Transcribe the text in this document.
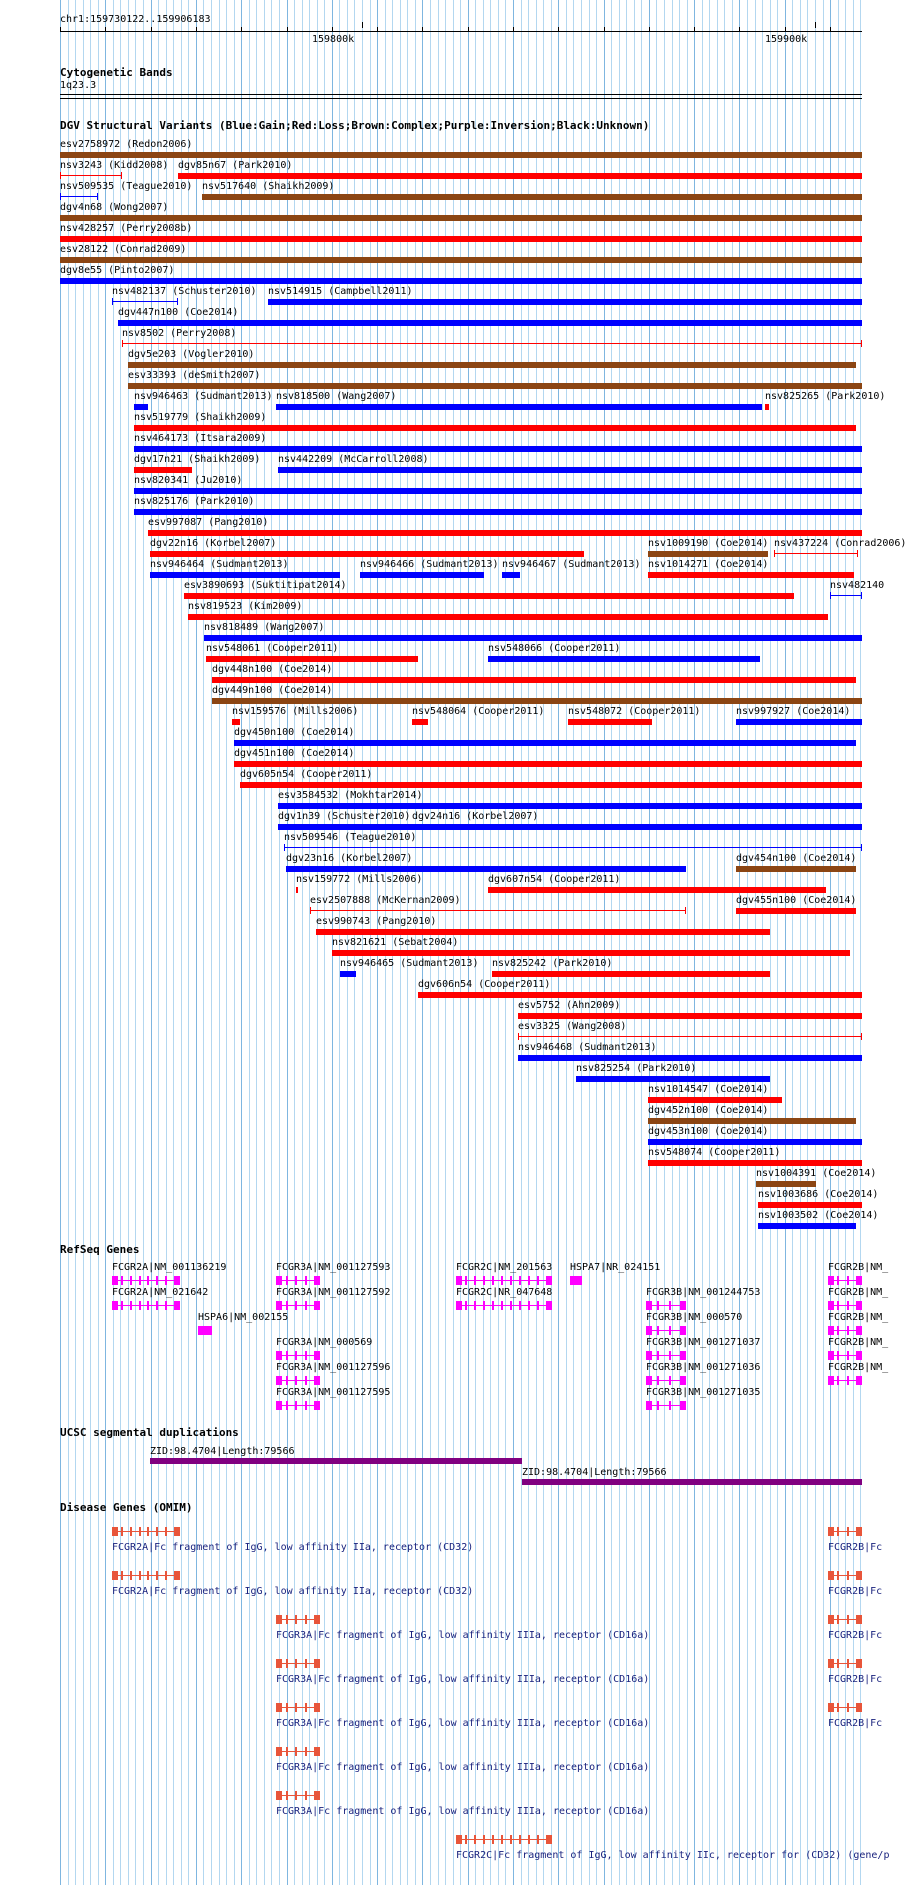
chr1:159730122..159906183
159800k	159900k
Cytogenetic Bands
1q23.3
DGV Structural Variants (Blue:Gain;Red:Loss;Brown:Complex;Purple:Inversion;Black:Unknown)
esv2758972 (Redon2006)
nsv3243 (Kidd2008) dgv85n67 (Park2010)
nsv509535 (Teague2010) nsv517640 (Shaikh2009)
dgv4n68 (Wong2007)
nsv428257 (Perry2008b)
esv28122 (Conrad2009)
dgv8e55 (Pinto2007)
nsv482137 (Schuster2010) nsv514915 (Campbell2011)
dgv447n100 (Coe2014)
nsv8502 (Perry2008)
dgv5e203 (Vogler2010)
esv33393 (deSmith2007)
nsv946463 (Sudmant2013) nsv818500 (Wang2007)	nsv825265 (Park2010)
nsv519779 (Shaikh2009)
nsv464173 (Itsara2009)
dgv17n21 (Shaikh2009) nsv442209 (McCarroll2008)
nsv820341 (Ju2010)
nsv825176 (Park2010)
esv997087 (Pang2010)
dgv22n16 (Korbel2007)	nsv1009190 (Coe2014) nsv437224 (Conrad2006)
nsv946464 (Sudmant2013)	nsv946466 (Sudmant2013) nsv946467 (Sudmant2013) nsv1014271 (Coe2014)
esv3890693 (Suktitipat2014)	nsv482140
nsv819523 (Kim2009)
nsv818489 (Wang2007)
nsv548061 (Cooper2011)	nsv548066 (Cooper2011)
dgv448n100 (Coe2014)
dgv449n100 (Coe2014)
nsv159576 (Mills2006)	nsv548064 (Cooper2011) nsv548072 (Cooper2011)	nsv997927 (Coe2014)
dgv450n100 (Coe2014)
dgv451n100 (Coe2014)
dgv605n54 (Cooper2011)
esv3584532 (Mokhtar2014)
dgv1n39 (Schuster2010) dgv24n16 (Korbel2007)
nsv509546 (Teague2010)
dgv23n16 (Korbel2007)	dgv454n100 (Coe2014)
nsv159772 (Mills2006)	dgv607n54 (Cooper2011)
esv2507888 (McKernan2009)	dgv455n100 (Coe2014)
esv990743 (Pang2010)
nsv821621 (Sebat2004)
nsv946465 (Sudmant2013) nsv825242 (Park2010)
dgv606n54 (Cooper2011)
esv5752 (Ahn2009)
esv3325 (Wang2008)
nsv946468 (Sudmant2013)
nsv825254 (Park2010)
nsv1014547 (Coe2014)
dgv452n100 (Coe2014)
dgv453n100 (Coe2014)
nsv548074 (Cooper2011)
nsv1004391 (Coe2014)
nsv1003686 (Coe2014)
nsv1003502 (Coe2014)
RefSeq Genes
FCGR2A|NM_001136219
FCGR2A|NM_021642
HSPA6|NM_002155
FCGR3A|NM_001127593
FCGR3A|NM_001127592
FCGR3A|NM_000569
FCGR3A|NM_001127596
FCGR3A|NM_001127595
FCGR2C|NM_201563
FCGR2C|NR_047648
HSPA7|NR_024151
FCGR3B|NM_001244753
FCGR3B|NM_000570
FCGR3B|NM_001271037
FCGR3B|NM_001271036
FCGR3B|NM_001271035
FCGR2B|NM_
FCGR2B|NM_
FCGR2B|NM_
FCGR2B|NM_
FCGR2B|NM_
UCSC segmental duplications
ZID:98.4704|Length:79566
ZID:98.4704|Length:79566
Disease Genes (OMIM)
FCGR2A|Fc fragment of IgG, low affinity IIa, receptor (CD32)
FCGR2A|Fc fragment of IgG, low affinity IIa, receptor (CD32)
FCGR3A|Fc fragment of IgG, low affinity IIIa, receptor (CD16a)
FCGR3A|Fc fragment of IgG, low affinity IIIa, receptor (CD16a)
FCGR3A|Fc fragment of IgG, low affinity IIIa, receptor (CD16a)
FCGR3A|Fc fragment of IgG, low affinity IIIa, receptor (CD16a)
FCGR3A|Fc fragment of IgG, low affinity IIIa, receptor (CD16a)
FCGR2C|Fc fragment of IgG, low affinity IIc, receptor for (CD32) (gene/p
FCGR2B|Fc
FCGR2B|Fc
FCGR2B|Fc
FCGR2B|Fc
FCGR2B|Fc
